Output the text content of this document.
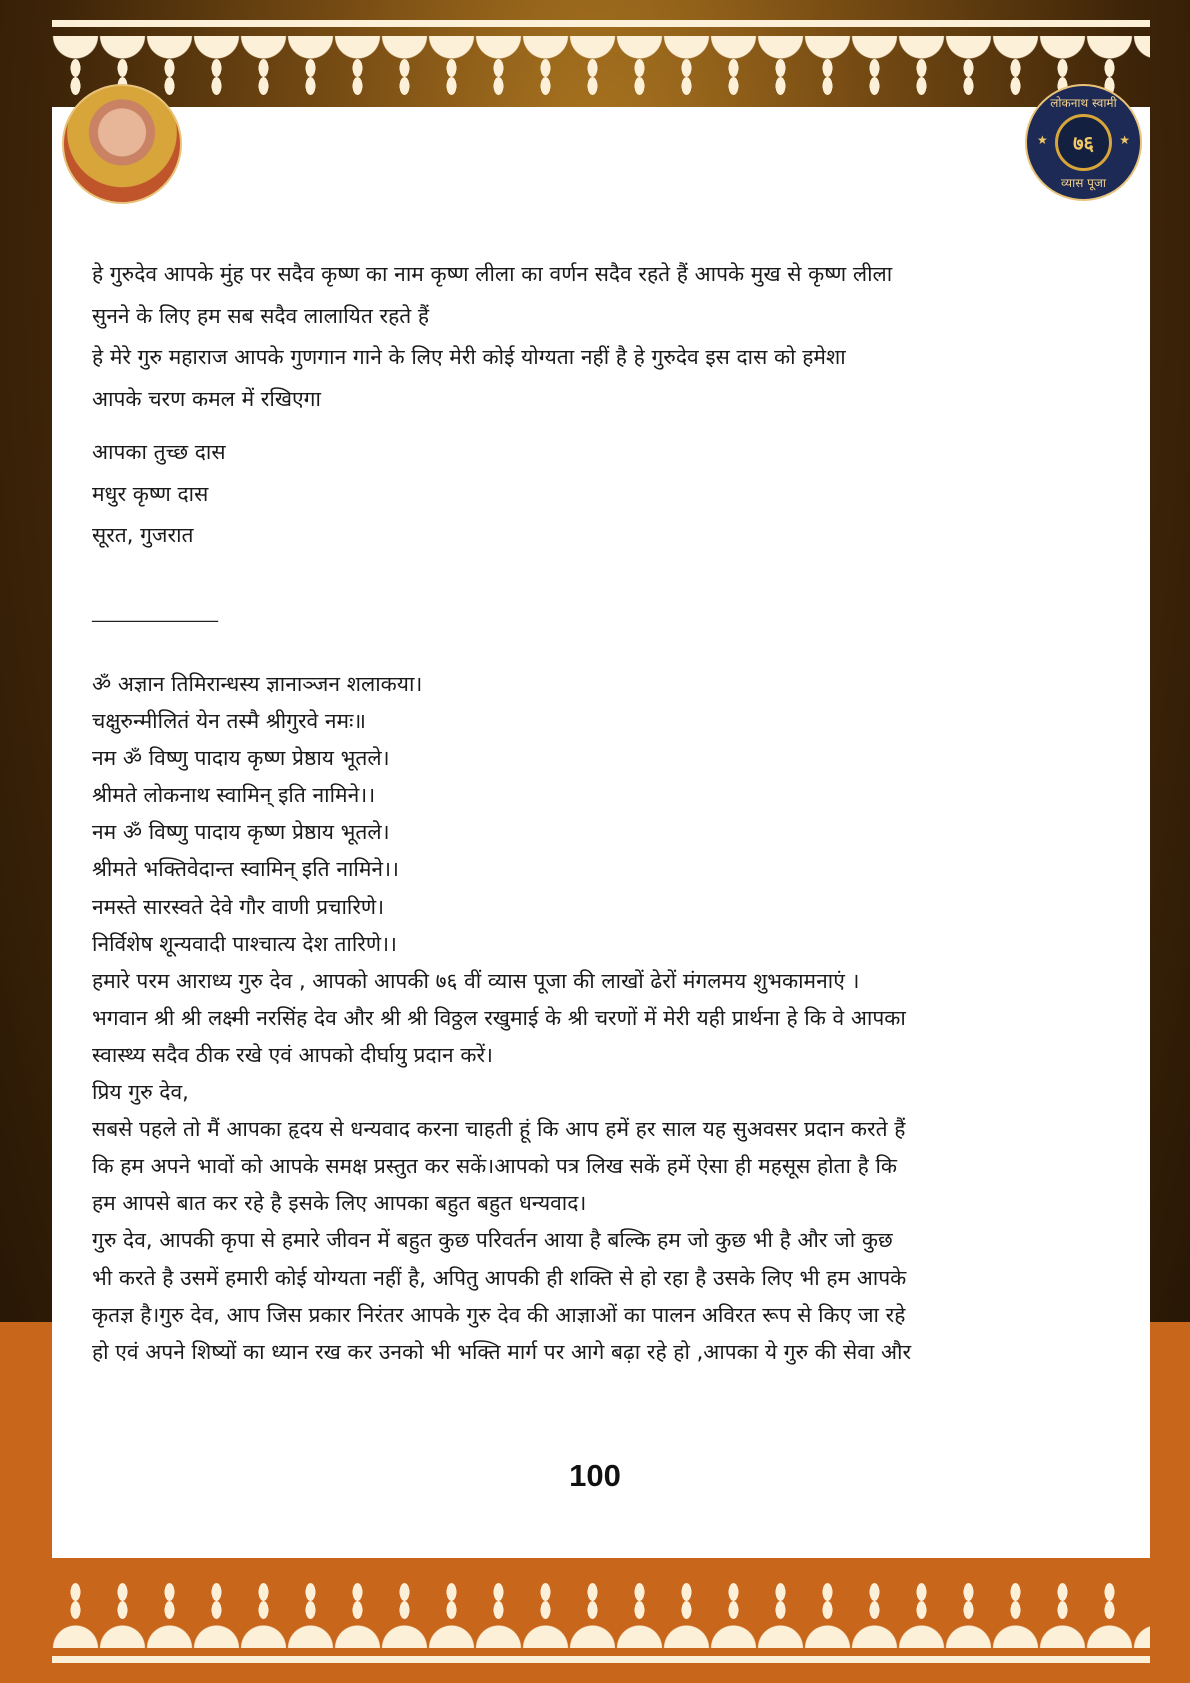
लोकनाथ स्वामी
★	७६	★
व्यास पूजा
हे गुरुदेव आपके मुंह पर सदैव कृष्ण का नाम कृष्ण लीला का वर्णन सदैव रहते हैं आपके मुख से कृष्ण लीला
सुनने के लिए हम सब सदैव लालायित रहते हैं
हे मेरे गुरु महाराज आपके गुणगान गाने के लिए मेरी कोई योग्यता नहीं है हे गुरुदेव इस दास को हमेशा
आपके चरण कमल में रखिएगा
आपका तुच्छ दास
मधुर कृष्ण दास
सूरत, गुजरात
______________
ॐ अज्ञान तिमिरान्धस्य ज्ञानाञ्जन शलाकया।
चक्षुरुन्मीलितं येन तस्मै श्रीगुरवे नमः॥
नम ॐ विष्णु पादाय कृष्ण प्रेष्ठाय भूतले।
श्रीमते लोकनाथ स्वामिन् इति नामिने।।
नम ॐ विष्णु पादाय कृष्ण प्रेष्ठाय भूतले।
श्रीमते भक्तिवेदान्त स्वामिन् इति नामिने।।
नमस्ते सारस्वते देवे गौर वाणी प्रचारिणे।
निर्विशेष शून्यवादी पाश्चात्य देश तारिणे।।
हमारे परम आराध्य गुरु देव , आपको आपकी ७६ वीं व्यास पूजा की लाखों ढेरों मंगलमय शुभकामनाएं ।
भगवान श्री श्री लक्ष्मी नरसिंह देव और श्री श्री विठ्ठल रखुमाई के श्री चरणों में मेरी यही प्रार्थना हे कि वे आपका
स्वास्थ्य सदैव ठीक रखे एवं आपको दीर्घायु प्रदान करें।
प्रिय गुरु देव,
सबसे पहले तो मैं आपका हृदय से धन्यवाद करना चाहती हूं कि आप हमें हर साल यह सुअवसर प्रदान करते हैं
कि हम अपने भावों को आपके समक्ष प्रस्तुत कर सकें।आपको पत्र लिख सकें हमें ऐसा ही महसूस होता है कि
हम आपसे बात कर रहे है इसके लिए आपका बहुत बहुत धन्यवाद।
गुरु देव, आपकी कृपा से हमारे जीवन में बहुत कुछ परिवर्तन आया है बल्कि हम जो कुछ भी है और जो कुछ
भी करते है उसमें हमारी कोई योग्यता नहीं है, अपितु आपकी ही शक्ति से हो रहा है उसके लिए भी हम आपके
कृतज्ञ है।गुरु देव, आप जिस प्रकार निरंतर आपके गुरु देव की आज्ञाओं का पालन अविरत रूप से किए जा रहे
हो एवं अपने शिष्यों का ध्यान रख कर उनको भी भक्ति मार्ग पर आगे बढ़ा रहे हो ,आपका ये गुरु की सेवा और
100
